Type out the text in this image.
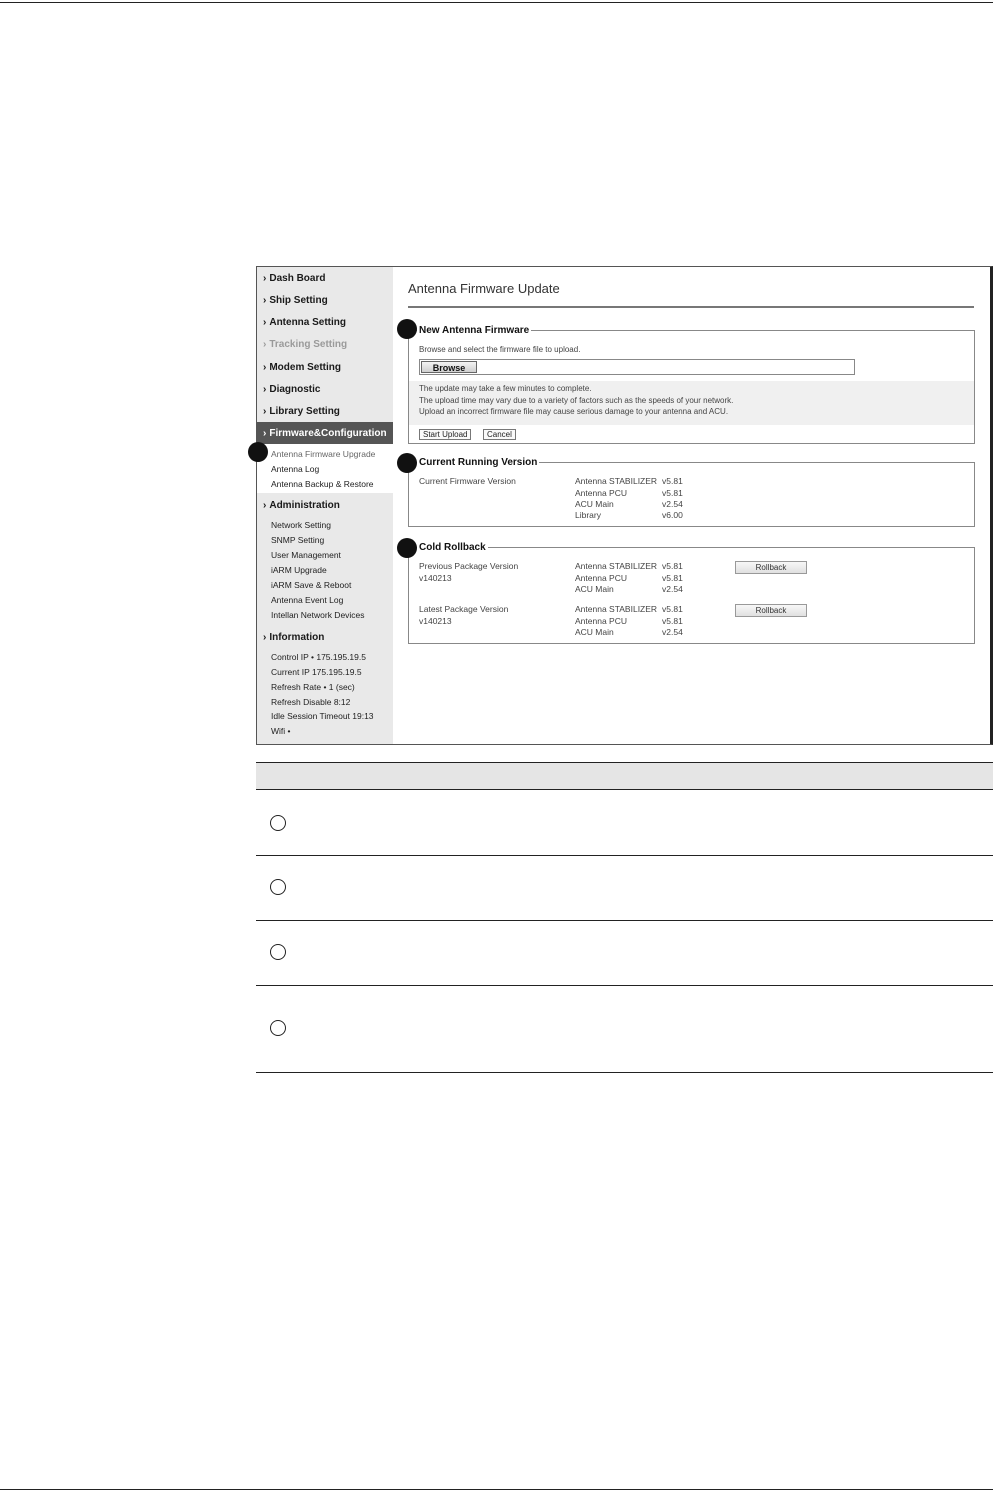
› Dash Board
› Ship Setting
› Antenna Setting
› Tracking Setting
› Modem Setting
› Diagnostic
› Library Setting
› Firmware&Configuration
Antenna Firmware Upgrade
Antenna Log
Antenna Backup & Restore
› Administration
Network Setting
SNMP Setting
User Management
iARM Upgrade
iARM Save & Reboot
Antenna Event Log
Intellan Network Devices
› Information
Control IP • 175.195.19.5
Current IP 175.195.19.5
Refresh Rate • 1 (sec)
Refresh Disable 8:12
Idle Session Timeout 19:13
Wifi •
Antenna Firmware Update
New Antenna Firmware
Browse and select the firmware file to upload.
Browse
The update may take a few minutes to complete.
The upload time may vary due to a variety of factors such as the speeds of your network.
Upload an incorrect firmware file may cause serious damage to your antenna and ACU.
Start Upload	Cancel
Current Running Version
Current Firmware Version	Antenna STABILIZER
Antenna PCU
ACU Main
Library
v5.81
v5.81
v2.54
v6.00
Cold Rollback
Previous Package Version
v140213
Antenna STABILIZER
Antenna PCU
ACU Main
v5.81
v5.81
v2.54
Rollback
Latest Package Version
v140213
Antenna STABILIZER
Antenna PCU
ACU Main
v5.81
v5.81
v2.54
Rollback
